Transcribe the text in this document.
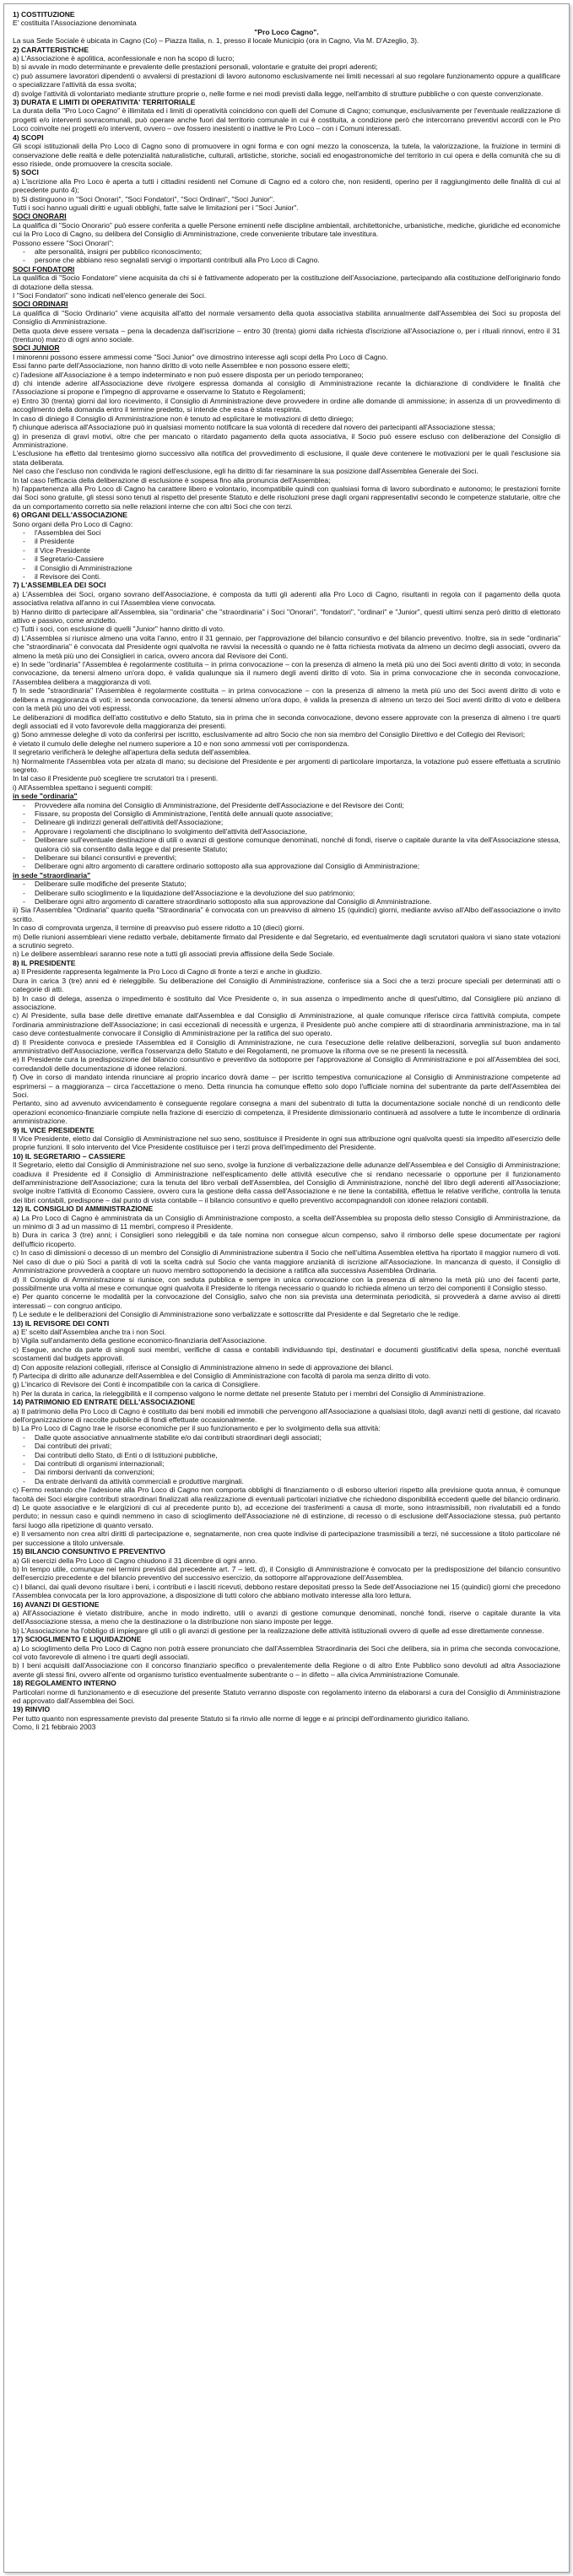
1) COSTITUZIONE

E' costituita l'Associazione denominata

"Pro Loco Cagno".

La sua Sede Sociale è ubicata in Cagno (Co) – Piazza Italia, n. 1, presso il locale Municipio (ora in Cagno, Via M. D'Azeglio, 3).

2) CARATTERISTICHE

a) L'Associazione è apolitica, aconfessionale e non ha scopo di lucro;

b) si avvale in modo determinante e prevalente delle prestazioni personali, volontarie e gratuite dei propri aderenti;

c) può assumere lavoratori dipendenti o avvalersi di prestazioni di lavoro autonomo esclusivamente nei limiti necessari al suo regolare funzionamento oppure a qualificare o specializzare l'attività da essa svolta;

d) svolge l'attività di volontariato mediante strutture proprie o, nelle forme e nei modi previsti dalla legge, nell'ambito di strutture pubbliche o con queste convenzionate.

3) DURATA E LIMITI DI OPERATIVITA' TERRITORIALE

La durata della "Pro Loco Cagno" è illimitata ed i limiti di operatività coincidono con quelli del Comune di Cagno; comunque, esclusivamente per l'eventuale realizzazione di progetti e/o interventi sovracomunali, può operare anche fuori dal territorio comunale in cui è costituita, a condizione però che intercorrano preventivi accordi con le Pro Loco coinvolte nei progetti e/o interventi, ovvero – ove fossero inesistenti o inattive le Pro Loco – con i Comuni interessati.

4) SCOPI

Gli scopi istituzionali della Pro Loco di Cagno sono di promuovere in ogni forma e con ogni mezzo la conoscenza, la tutela, la valorizzazione, la fruizione in termini di conservazione delle realtà e delle potenzialità naturalistiche, culturali, artistiche, storiche, sociali ed enogastronomiche del territorio in cui opera e della comunità che su di esso risiede, onde promuovere la crescita sociale.

5) SOCI

a) L'iscrizione alla Pro Loco è aperta a tutti i cittadini residenti nel Comune di Cagno ed a coloro che, non residenti, operino per il raggiungimento delle finalità di cui al precedente punto 4);

b) Si distinguono in "Soci Onorari", "Soci Fondatori", "Soci Ordinari", "Soci Junior".

Tutti i soci hanno uguali diritti e uguali obblighi, fatte salve le limitazioni per i "Soci Junior".

SOCI ONORARI

La qualifica di "Socio Onorario" può essere conferita a quelle Persone eminenti nelle discipline ambientali, architettoniche, urbanistiche, mediche, giuridiche ed economiche cui la Pro Loco di Cagno, su delibera del Consiglio di Amministrazione, crede conveniente tributare tale investitura.

Possono essere "Soci Onorari":

- alte personalità, insigni per pubblico riconoscimento;

- persone che abbiano reso segnalati servigi o importanti contributi alla Pro Loco di Cagno.

SOCI FONDATORI

La qualifica di "Socio Fondatore" viene acquisita da chi si è fattivamente adoperato per la costituzione dell'Associazione, partecipando alla costituzione dell'originario fondo di dotazione della stessa.

I "Soci Fondatori" sono indicati nell'elenco generale dei Soci.

SOCI ORDINARI

La qualifica di "Socio Ordinario" viene acquisita all'atto del normale versamento della quota associativa stabilita annualmente dall'Assemblea dei Soci su proposta del Consiglio di Amministrazione.

Detta quota deve essere versata – pena la decadenza dall'iscrizione – entro 30 (trenta) giorni dalla richiesta d'iscrizione all'Associazione o, per i rituali rinnovi, entro il 31 (trentuno) marzo di ogni anno sociale.

SOCI JUNIOR

I minorenni possono essere ammessi come "Soci Junior" ove dimostrino interesse agli scopi della Pro Loco di Cagno.

Essi fanno parte dell'Associazione, non hanno diritto di voto nelle Assemblee e non possono essere eletti;

c) l'adesione all'Associazione è a tempo indeterminato e non può essere disposta per un periodo temporaneo;

d) chi intende aderire all'Associazione deve rivolgere espressa domanda al consiglio di Amministrazione recante la dichiarazione di condividere le finalità che l'Associazione si propone e l'impegno di approvarne e osservarne lo Statuto e Regolamenti;

e) Entro 30 (trenta) giorni dal loro ricevimento, il Consiglio di Amministrazione deve provvedere in ordine alle domande di ammissione; in assenza di un provvedimento di accoglimento della domanda entro il termine predetto, si intende che essa è stata respinta.

In caso di diniego il Consiglio di Amministrazione non è tenuto ad esplicitare le motivazioni di detto diniego;

f) chiunque aderisca all'Associazione può in qualsiasi momento notificare la sua volontà di recedere dal novero dei partecipanti all'Associazione stessa;

g) in presenza di gravi motivi, oltre che per mancato o ritardato pagamento della quota associativa, il Socio può essere escluso con deliberazione del Consiglio di Amministrazione.

L'esclusione ha effetto dal trentesimo giorno successivo alla notifica del provvedimento di esclusione, il quale deve contenere le motivazioni per le quali l'esclusione sia stata deliberata.

Nel caso che l'escluso non condivida le ragioni dell'esclusione, egli ha diritto di far riesaminare la sua posizione dall'Assemblea Generale dei Soci.

In tal caso l'efficacia della deliberazione di esclusione è sospesa fino alla pronuncia dell'Assemblea;

h) l'appartenenza alla Pro Loco di Cagno ha carattere libero e volontario, incompatibile quindi con qualsiasi forma di lavoro subordinato e autonomo; le prestazioni fornite dai Soci sono gratuite, gli stessi sono tenuti al rispetto del presente Statuto e delle risoluzioni prese dagli organi rappresentativi secondo le competenze statutarie, oltre che da un comportamento corretto sia nelle relazioni interne che con altri Soci che con terzi.

6) ORGANI DELL'ASSOCIAZIONE

Sono organi della Pro Loco di Cagno:

- l'Assemblea dei Soci

- il Presidente

- il Vice Presidente

- il Segretario-Cassiere

- il Consiglio di Amministrazione

- il Revisore dei Conti.

7) L'ASSEMBLEA DEI SOCI

a) L'Assemblea dei Soci, organo sovrano dell'Associazione, è composta da tutti gli aderenti alla Pro Loco di Cagno, risultanti in regola con il pagamento della quota associativa relativa all'anno in cui l'Assemblea viene convocata.

b) Hanno diritto di partecipare all'Assemblea, sia "ordinaria" che "straordinaria" i Soci "Onorari", "fondatori", "ordinari" e "Junior", questi ultimi senza però diritto di elettorato attivo e passivo, come anzidetto.

c) Tutti i soci, con esclusione di quelli "Junior" hanno diritto di voto.

d) L'Assemblea si riunisce almeno una volta l'anno, entro il 31 gennaio, per l'approvazione del bilancio consuntivo e del bilancio preventivo. Inoltre, sia in sede "ordinaria" che "straordinaria" è convocata dal Presidente ogni qualvolta ne ravvisi la necessità o quando ne è fatta richiesta motivata da almeno un decimo degli associati, ovvero da almeno la metà più uno dei Consiglieri in carica, ovvero ancora dal Revisore dei Conti.

e) In sede "ordinaria" l'Assemblea è regolarmente costituita – in prima convocazione – con la presenza di almeno la metà più uno dei Soci aventi diritto di voto; in seconda convocazione, da tenersi almeno un'ora dopo, è valida qualunque sia il numero degli aventi diritto di voto. Sia in prima convocazione che in seconda convocazione, l'Assemblea delibera a maggioranza di voti.

f) In sede "straordinaria" l'Assemblea è regolarmente costituita – in prima convocazione – con la presenza di almeno la metà più uno dei Soci aventi diritto di voto e delibera a maggioranza di voti; in seconda convocazione, da tenersi almeno un'ora dopo, è valida la presenza di almeno un terzo dei Soci aventi diritto di voto e delibera con la metà più uno dei voti espressi.

Le deliberazioni di modifica dell'atto costitutivo e dello Statuto, sia in prima che in seconda convocazione, devono essere approvate con la presenza di almeno i tre quarti degli associati ed il voto favorevole della maggioranza dei presenti.

g) Sono ammesse deleghe di voto da conferirsi per iscritto, esclusivamente ad altro Socio che non sia membro del Consiglio Direttivo e del Collegio dei Revisori;

è vietato il cumulo delle deleghe nel numero superiore a 10 e non sono ammessi voti per corrispondenza.

Il segretario verificherà le deleghe all'apertura della seduta dell'assemblea.

h) Normalmente l'Assemblea vota per alzata di mano; su decisione del Presidente e per argomenti di particolare importanza, la votazione può essere effettuata a scrutinio segreto.

In tal caso il Presidente può scegliere tre scrutatori tra i presenti.

i) All'Assemblea spettano i seguenti compiti:

in sede "ordinaria"

- Provvedere alla nomina del Consiglio di Amministrazione, del Presidente dell'Associazione e del Revisore dei Conti;

- Fissare, su proposta del Consiglio di Amministrazione, l'entità delle annuali quote associative;

- Delineare gli indirizzi generali dell'attività dell'Associazione;

- Approvare i regolamenti che disciplinano lo svolgimento dell'attività dell'Associazione,

- Deliberare sull'eventuale destinazione di utili o avanzi di gestione comunque denominati, nonché di fondi, riserve o capitale durante la vita dell'Associazione stessa, qualora ciò sia consentito dalla legge e dal presente Statuto;

- Deliberare sui bilanci consuntivi e preventivi;

- Deliberare ogni altro argomento di carattere ordinario sottoposto alla sua approvazione dal Consiglio di Amministrazione;

in sede "straordinaria"

- Deliberare sulle modifiche del presente Statuto;

- Deliberare sullo scioglimento e la liquidazione dell'Associazione e la devoluzione del suo patrimonio;

- Deliberare ogni altro argomento di carattere straordinario sottoposto alla sua approvazione dal Consiglio di Amministrazione.

ii) Sia l'Assemblea "Ordinaria" quanto quella "Straordinaria" è convocata con un preavviso di almeno 15 (quindici) giorni, mediante avviso all'Albo dell'associazione o invito scritto.

In caso di comprovata urgenza, il termine di preavviso può essere ridotto a 10 (dieci) giorni.

m) Delle riunioni assembleari viene redatto verbale, debitamente firmato dal Presidente e dal Segretario, ed eventualmente dagli scrutatori qualora vi siano state votazioni a scrutinio segreto.

n) Le delibere assembleari saranno rese note a tutti gli associati previa affissione della Sede Sociale.

8) IL PRESIDENTE

a) Il Presidente rappresenta legalmente la Pro Loco di Cagno di fronte a terzi e anche in giudizio.

Dura in carica 3 (tre) anni ed è rieleggibile. Su deliberazione del Consiglio di Amministrazione, conferisce sia a Soci che a terzi procure speciali per determinati atti o categorie di atti.

b) In caso di delega, assenza o impedimento è sostituito dal Vice Presidente o, in sua assenza o impedimento anche di quest'ultimo, dal Consigliere più anziano di associazione.

c) Al Presidente, sulla base delle direttive emanate dall'Assemblea e dal Consiglio di Amministrazione, al quale comunque riferisce circa l'attività compiuta, compete l'ordinaria amministrazione dell'Associazione; in casi eccezionali di necessità e urgenza, il Presidente può anche compiere atti di straordinaria amministrazione, ma in tal caso deve contestualmente convocare il Consiglio di Amministrazione per la ratifica del suo operato.

d) Il Presidente convoca e presiede l'Assemblea ed il Consiglio di Amministrazione, ne cura l'esecuzione delle relative deliberazioni, sorveglia sul buon andamento amministrativo dell'Associazione, verifica l'osservanza dello Statuto e dei Regolamenti, ne promuove la riforma ove se ne presenti la necessità.

e) Il Presidente cura la predisposizione del bilancio consuntivo e preventivo da sottoporre per l'approvazione al Consiglio di Amministrazione e poi all'Assemblea dei soci, corredandoli delle documentazione di idonee relazioni.

f) Ove in corso di mandato intenda rinunciare al proprio incarico dovrà dame – per iscritto tempestiva comunicazione al Consiglio di Amministrazione competente ad esprimersi – a maggioranza – circa l'accettazione o meno. Detta rinuncia ha comunque effetto solo dopo l'ufficiale nomina del subentrante da parte dell'Assemblea dei Soci.

Pertanto, sino ad avvenuto avvicendamento è conseguente regolare consegna a mani del subentrato di tutta la documentazione sociale nonché di un rendiconto delle operazioni economico-finanziarie compiute nella frazione di esercizio di competenza, il Presidente dimissionario continuerà ad assolvere a tutte le incombenze di ordinaria amministrazione.

9) IL VICE PRESIDENTE

Il Vice Presidente, eletto dal Consiglio di Amministrazione nel suo seno, sostituisce il Presidente in ogni sua attribuzione ogni qualvolta questi sia impedito all'esercizio delle proprie funzioni. Il solo intervento del Vice Presidente costituisce per i terzi prova dell'impedimento del Presidente.

10) IL SEGRETARIO – CASSIERE

Il Segretario, eletto dal Consiglio di Amministrazione nel suo seno, svolge la funzione di verbalizzazione delle adunanze dell'Assemblea e del Consiglio di Amministrazione; coadiuva il Presidente ed il Consiglio di Amministrazione nell'esplicamento delle attività esecutive che si rendano necessarie o opportune per il funzionamento dell'amministrazione dell'Associazione; cura la tenuta del libro verbali dell'Assemblea, del Consiglio di Amministrazione, nonché del libro degli aderenti all'Associazione; svolge inoltre l'attività di Economo Cassiere, ovvero cura la gestione della cassa dell'Associazione e ne tiene la contabilità, effettua le relative verifiche, controlla la tenuta dei libri contabili, predispone – dal punto di vista contabile – il bilancio consuntivo e quello preventivo accompagnandoli con idonee relazioni contabili.

12) IL CONSIGLIO DI AMMINISTRAZIONE

a) La Pro Loco di Cagno è amministrata da un Consiglio di Amministrazione composto, a scelta dell'Assemblea su proposta dello stesso Consiglio di Amministrazione, da un minimo di 3 ad un massimo di 11 membri, compreso il Presidente.

b) Dura in carica 3 (tre) anni; i Consiglieri sono rieleggibili e da tale nomina non consegue alcun compenso, salvo il rimborso delle spese documentate per ragioni dell'ufficio ricoperto.

c) In caso di dimissioni o decesso di un membro del Consiglio di Amministrazione subentra il Socio che nell'ultima Assemblea elettiva ha riportato il maggior numero di voti. Nel caso di due o più Soci a parità di voti la scelta cadrà sul Socio che vanta maggiore anzianità di iscrizione all'Associazione. In mancanza di questo, il Consiglio di Amministrazione provvederà a cooptare un nuovo membro sottoponendo la decisione a ratifica alla successiva Assemblea Ordinaria.

d) Il Consiglio di Amministrazione si riunisce, con seduta pubblica e sempre in unica convocazione con la presenza di almeno la metà più uno dei facenti parte, possibilmente una volta al mese e comunque ogni qualvolta il Presidente lo ritenga necessario o quando lo richieda almeno un terzo dei componenti il Consiglio stesso.

e) Per quanto concerne le modalità per la convocazione del Consiglio, salvo che non sia prevista una determinata periodicità, si provvederà a darne avviso ai diretti interessati – con congruo anticipo.

f) Le sedute e le deliberazioni del Consiglio di Amministrazione sono verbalizzate e sottoscritte dal Presidente e dal Segretario che le redige.

13) IL REVISORE DEI CONTI

a) E' scelto dall'Assemblea anche tra i non Soci.

b) Vigila sull'andamento della gestione economico-finanziaria dell'Associazione.

c) Esegue, anche da parte di singoli suoi membri, verifiche di cassa e contabili individuando tipi, destinatari e documenti giustificativi della spesa, nonché eventuali scostamenti dal budgets approvati.

d) Con apposite relazioni collegiali, riferisce al Consiglio di Amministrazione almeno in sede di approvazione dei bilanci.

f) Partecipa di diritto alle adunanze dell'Assemblea e del Consiglio di Amministrazione con facoltà di parola ma senza diritto di voto.

g) L'incarico di Revisore dei Conti è incompatibile con la carica di Consigliere.

h) Per la durata in carica, la rieleggibilità e il compenso valgono le norme dettate nel presente Statuto per i membri del Consiglio di Amministrazione.

14) PATRIMONIO ED ENTRATE DELL'ASSOCIAZIONE

a) Il patrimonio della Pro Loco di Cagno è costituito dai beni mobili ed immobili che pervengono all'Associazione a qualsiasi titolo, dagli avanzi netti di gestione, dal ricavato dell'organizzazione di raccolte pubbliche di fondi effettuate occasionalmente.

b) La Pro Loco di Cagno trae le risorse economiche per il suo funzionamento e per lo svolgimento della sua attività:

- Dalle quote associative annualmente stabilite e/o dai contributi straordinari degli associati;

- Dai contributi dei privati;

- Dai contributi dello Stato, di Enti o di Istituzioni pubbliche,

- Dai contributi di organismi internazionali;

- Dai rimborsi derivanti da convenzioni;

- Da entrate derivanti da attività commerciali e produttive marginali.

c) Fermo restando che l'adesione alla Pro Loco di Cagno non comporta obblighi di finanziamento o di esborso ulteriori rispetto alla previsione quota annua, è comunque facoltà dei Soci elargire contributi straordinari finalizzati alla realizzazione di eventuali particolari iniziative che richiedono disponibilità eccedenti quelle del bilancio ordinario.

d) Le quote associative e le elargizioni di cui al precedente punto b), ad eccezione dei trasferimenti a causa di morte, sono intrasmissibili, non rivalutabili ed a fondo perduto; in nessun caso e quindi nemmeno in caso di scioglimento dell'Associazione né di estinzione, di recesso o di esclusione dell'Associazione stessa, può pertanto farsi luogo alla ripetizione di quanto versato.

e) Il versamento non crea altri diritti di partecipazione e, segnatamente, non crea quote indivise di partecipazione trasmissibili a terzi, né successione a titolo particolare né per successione a titolo universale.

15) BILANCIO CONSUNTIVO E PREVENTIVO

a) Gli esercizi della Pro Loco di Cagno chiudono il 31 dicembre di ogni anno.

b) In tempo utile, comunque nei termini previsti dal precedente art. 7 – lett. d), il Consiglio di Amministrazione è convocato per la predisposizione del bilancio consuntivo dell'esercizio precedente e del bilancio preventivo del successivo esercizio, da sottoporre all'approvazione dell'Assemblea.

c) I bilanci, dai quali devono risultare i beni, i contributi e i lasciti ricevuti, debbono restare depositati presso la Sede dell'Associazione nei 15 (quindici) giorni che precedono l'Assemblea convocata per la loro approvazione, a disposizione di tutti coloro che abbiano motivato interesse alla loro lettura.

16) AVANZI DI GESTIONE

a) All'Associazione è vietato distribuire, anche in modo indiretto, utili o avanzi di gestione comunque denominati, nonché fondi, riserve o capitale durante la vita dell'Associazione stessa, a meno che la destinazione o la distribuzione non siano imposte per legge.

b) L'Associazione ha l'obbligo di impiegare gli utili o gli avanzi di gestione per la realizzazione delle attività istituzionali ovvero di quelle ad esse direttamente connesse.

17) SCIOGLIMENTO E LIQUIDAZIONE

a) Lo scioglimento della Pro Loco di Cagno non potrà essere pronunciato che dall'Assemblea Straordinaria dei Soci che delibera, sia in prima che seconda convocazione, col voto favorevole di almeno i tre quarti degli associati.

b) I beni acquisiti dall'Associazione con il concorso finanziario specifico o prevalentemente della Regione o di altro Ente Pubblico sono devoluti ad altra Associazione avente gli stessi fini, ovvero all'ente od organismo turistico eventualmente subentrante o – in difetto – alla civica Amministrazione Comunale.

18) REGOLAMENTO INTERNO

Particolari norme di funzionamento e di esecuzione del presente Statuto verranno disposte con regolamento interno da elaborarsi a cura del Consiglio di Amministrazione ed approvato dall'Assemblea dei Soci.

19) RINVIO

Per tutto quanto non espressamente previsto dal presente Statuto si fa rinvio alle norme di legge e ai principi dell'ordinamento giuridico italiano.

Como, lì 21 febbraio 2003
